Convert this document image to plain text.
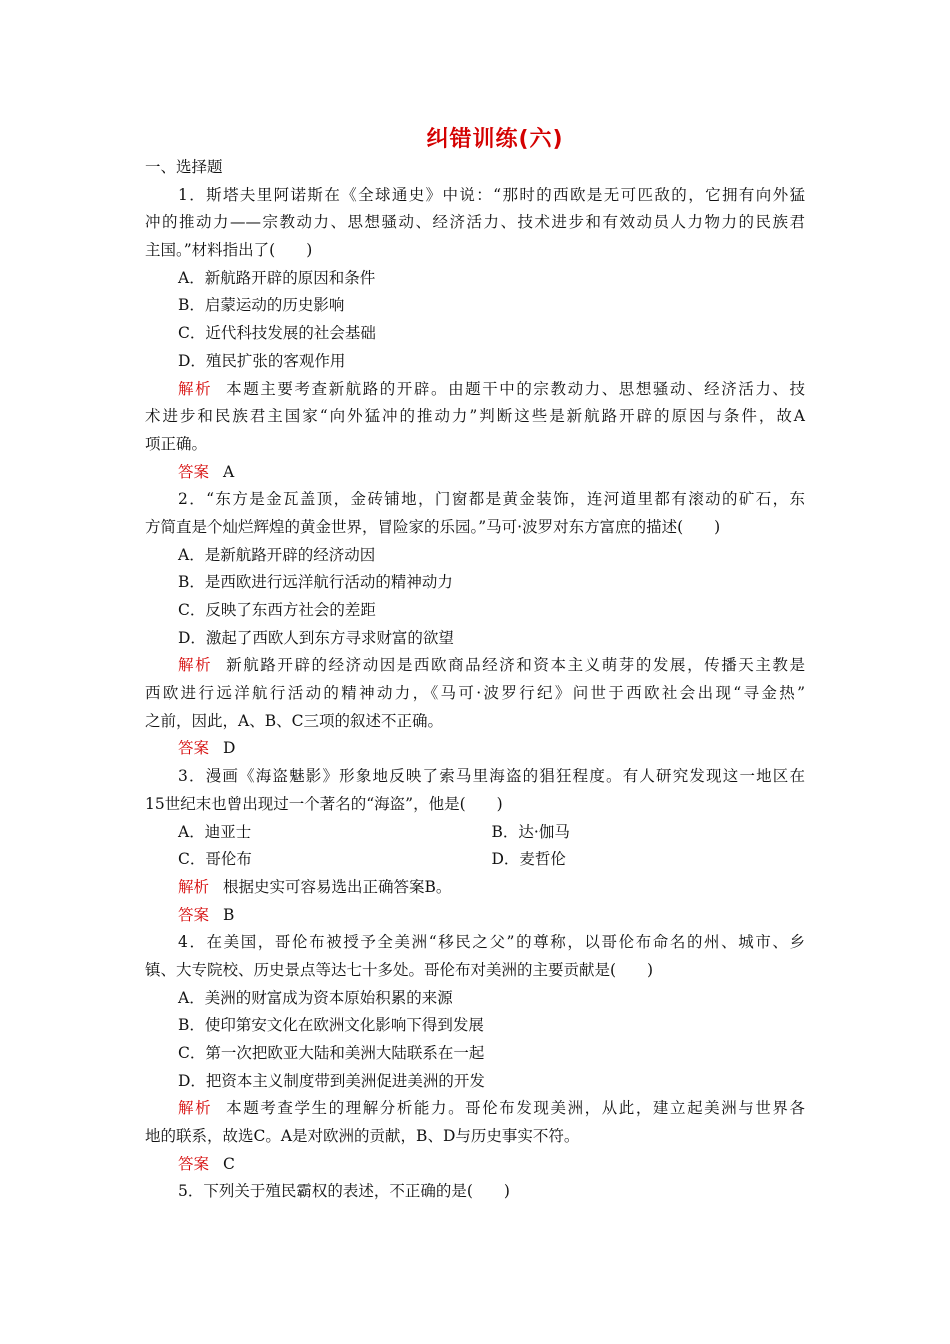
纠错训练(六)
一、选择题
1．斯塔夫里阿诺斯在《全球通史》中说：“那时的西欧是无可匹敌的，它拥有向外猛
冲的推动力——宗教动力、思想骚动、经济活力、技术进步和有效动员人力物力的民族君
主国。”材料指出了(　　)
A．新航路开辟的原因和条件
B．启蒙运动的历史影响
C．近代科技发展的社会基础
D．殖民扩张的客观作用
解析 本题主要考查新航路的开辟。由题干中的宗教动力、思想骚动、经济活力、技
术进步和民族君主国家“向外猛冲的推动力”判断这些是新航路开辟的原因与条件，故A
项正确。
答案 A
2．“东方是金瓦盖顶，金砖铺地，门窗都是黄金装饰，连河道里都有滚动的矿石，东
方简直是个灿烂辉煌的黄金世界，冒险家的乐园。”马可·波罗对东方富庶的描述(　　)
A．是新航路开辟的经济动因
B．是西欧进行远洋航行活动的精神动力
C．反映了东西方社会的差距
D．激起了西欧人到东方寻求财富的欲望
解析 新航路开辟的经济动因是西欧商品经济和资本主义萌芽的发展，传播天主教是
西欧进行远洋航行活动的精神动力，《马可·波罗行纪》问世于西欧社会出现“寻金热”
之前，因此，A、B、C三项的叙述不正确。
答案 D
3．漫画《海盗魅影》形象地反映了索马里海盗的猖狂程度。有人研究发现这一地区在
15世纪末也曾出现过一个著名的“海盗”，他是(　　)
A．迪亚士	B．达·伽马
C．哥伦布	D．麦哲伦
解析 根据史实可容易选出正确答案B。
答案 B
4．在美国，哥伦布被授予全美洲“移民之父”的尊称，以哥伦布命名的州、城市、乡
镇、大专院校、历史景点等达七十多处。哥伦布对美洲的主要贡献是(　　)
A．美洲的财富成为资本原始积累的来源
B．使印第安文化在欧洲文化影响下得到发展
C．第一次把欧亚大陆和美洲大陆联系在一起
D．把资本主义制度带到美洲促进美洲的开发
解析 本题考查学生的理解分析能力。哥伦布发现美洲，从此，建立起美洲与世界各
地的联系，故选C。A是对欧洲的贡献，B、D与历史事实不符。
答案 C
5．下列关于殖民霸权的表述，不正确的是(　　)
